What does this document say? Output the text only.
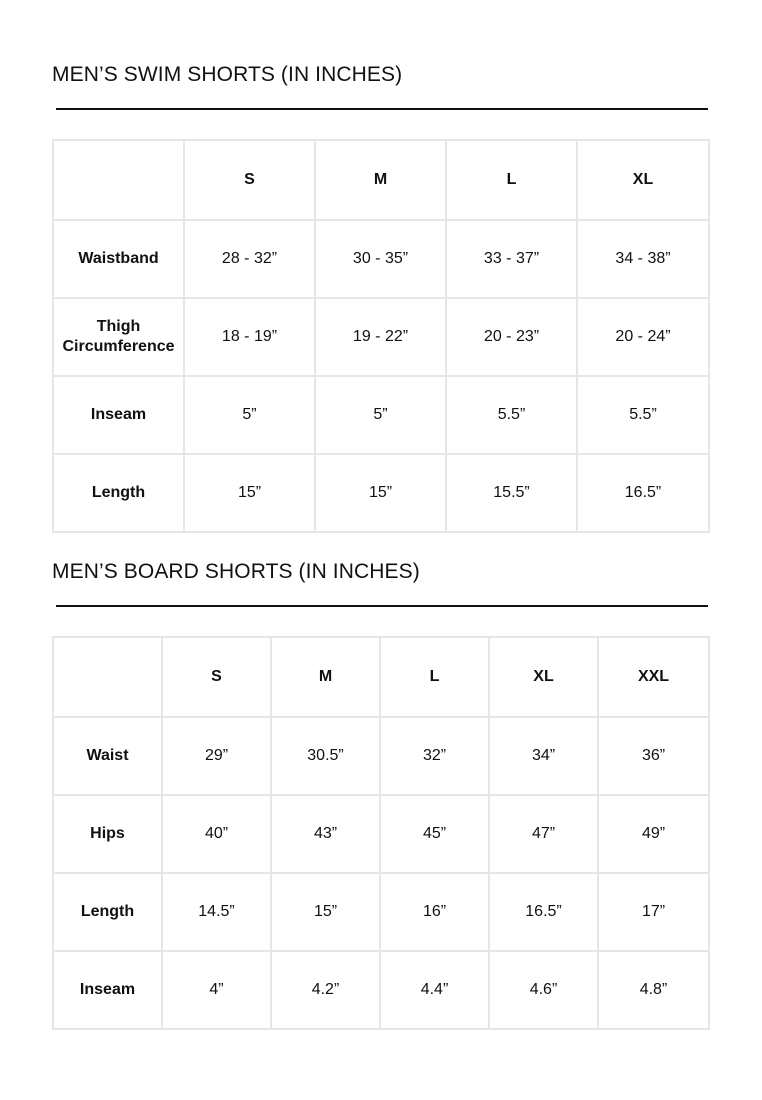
MEN’S SWIM SHORTS (IN INCHES)
	S	M	L	XL
Waistband	28 - 32”	30 - 35”	33 - 37”	34 - 38”
Thigh Circumference	18 - 19”	19 - 22”	20 - 23”	20 - 24”
Inseam	5”	5”	5.5”	5.5”
Length	15”	15”	15.5”	16.5”
MEN’S BOARD SHORTS (IN INCHES)
	S	M	L	XL	XXL
Waist	29”	30.5”	32”	34”	36”
Hips	40”	43”	45”	47”	49”
Length	14.5”	15”	16”	16.5”	17”
Inseam	4”	4.2”	4.4”	4.6”	4.8”
